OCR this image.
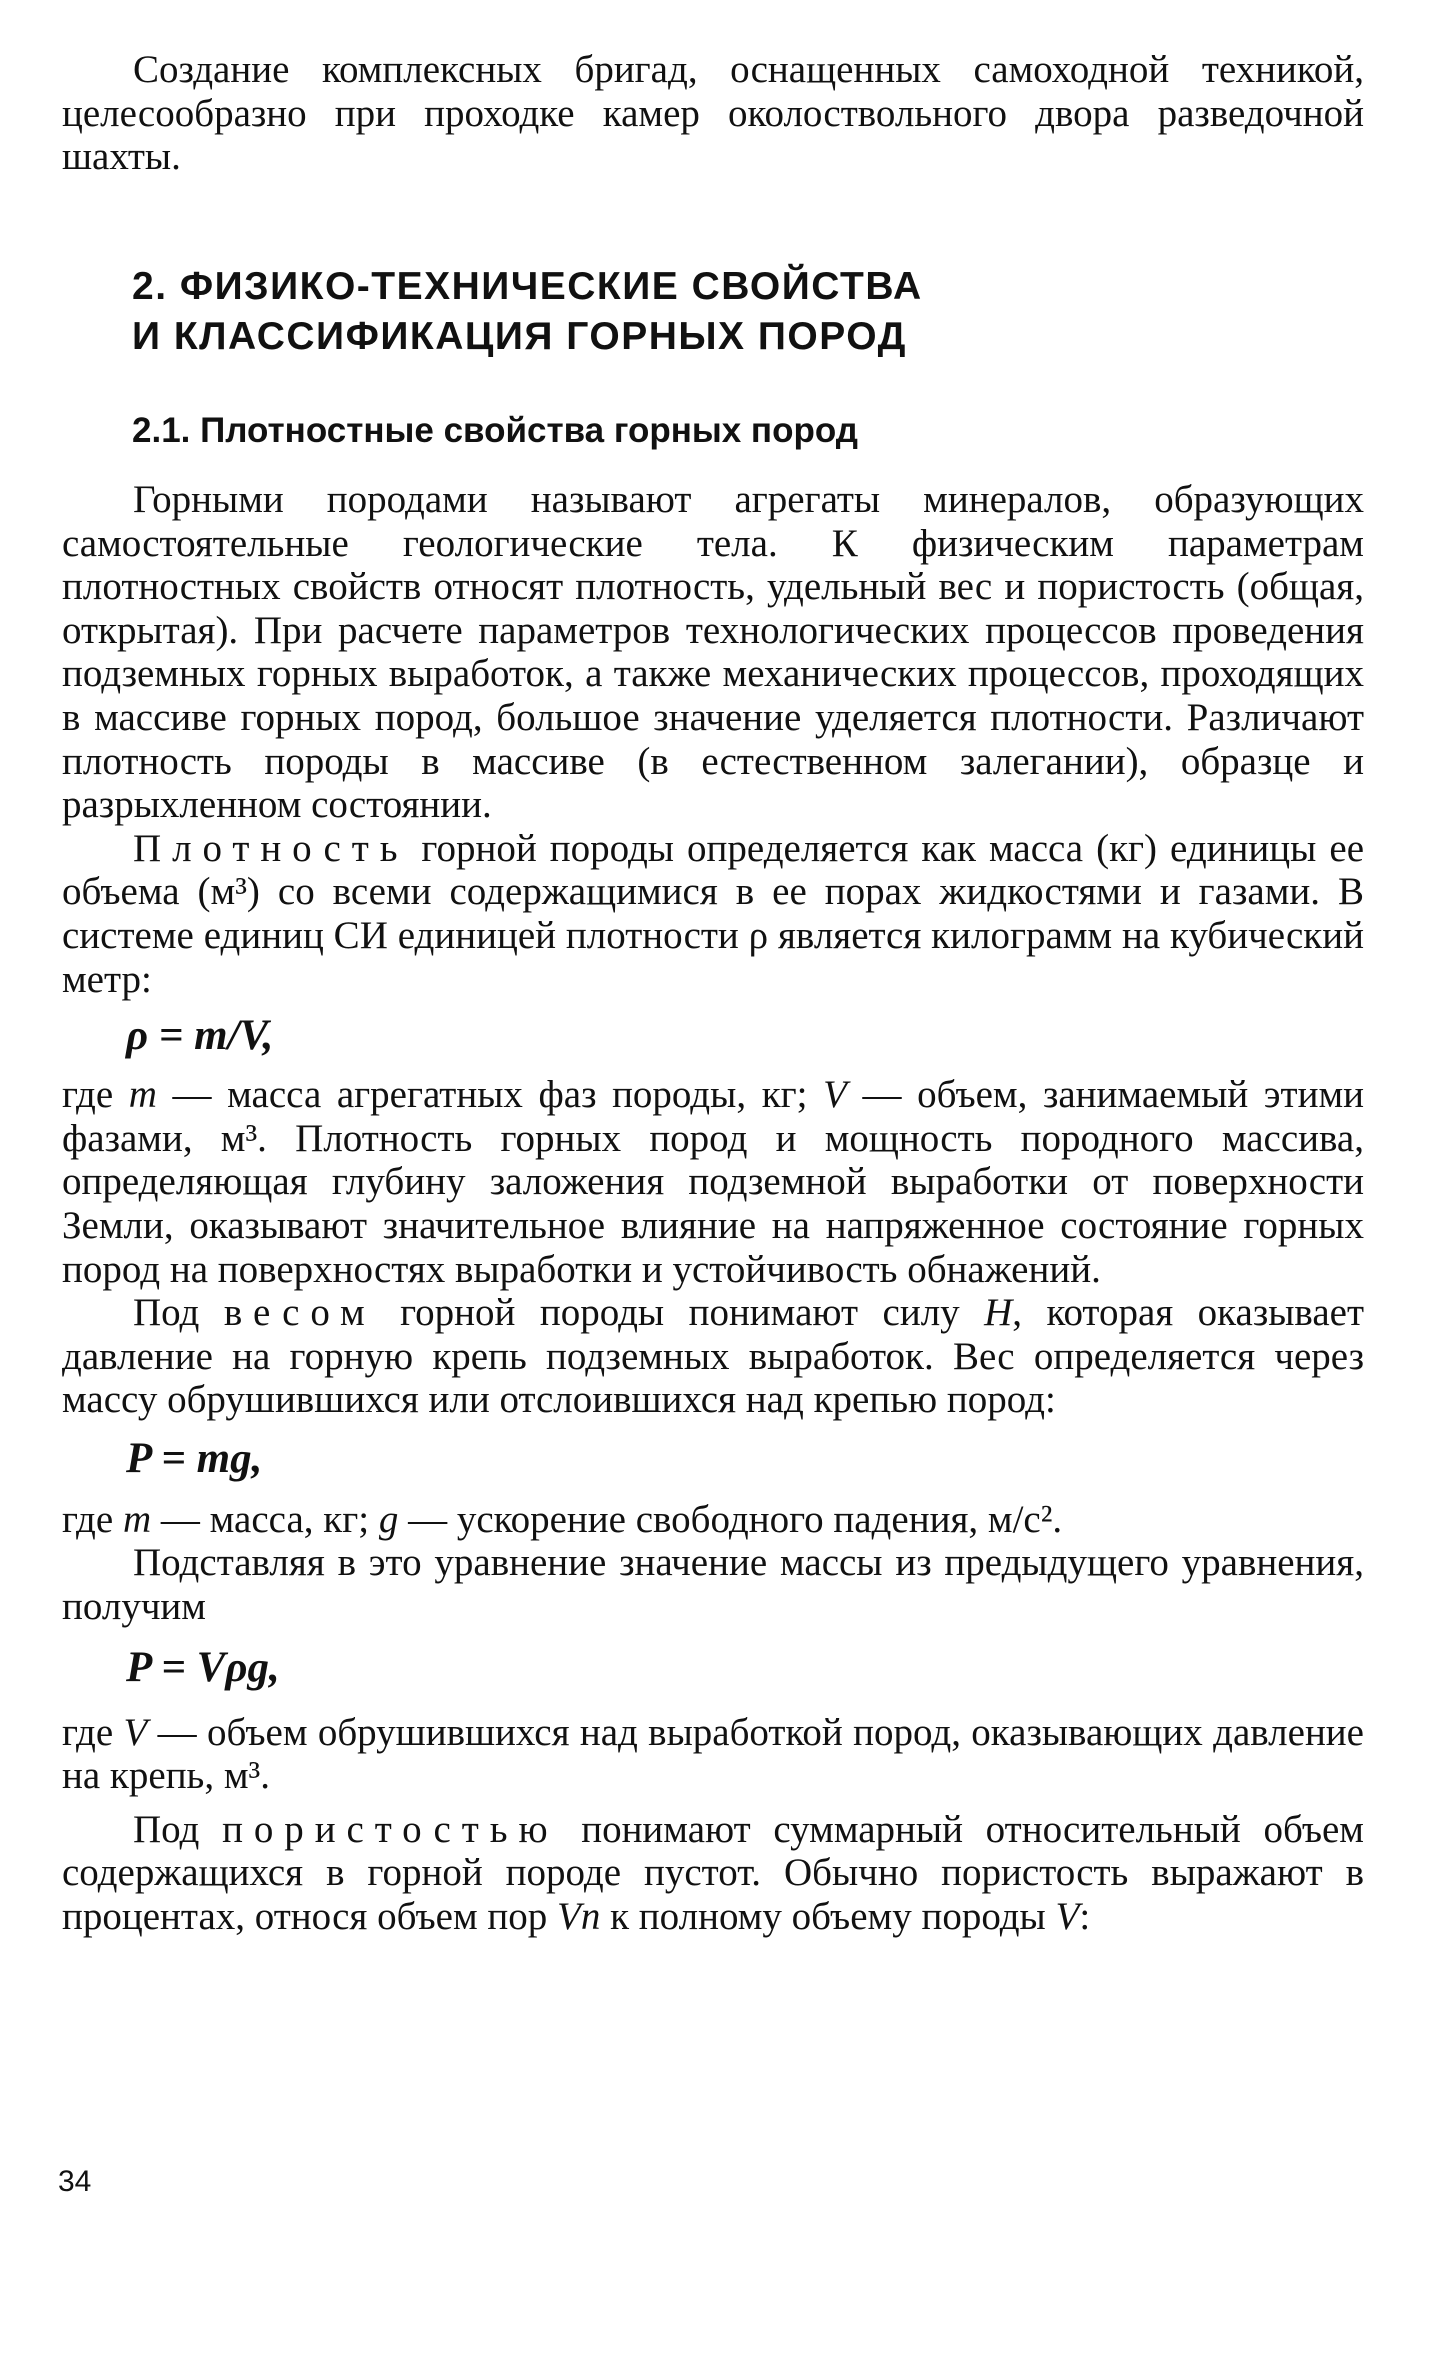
Создание комплексных бригад, оснащенных самоходной техникой, целесообразно при проходке камер околоствольного двора разведочной шахты.

2. ФИЗИКО-ТЕХНИЧЕСКИЕ СВОЙСТВА
И КЛАССИФИКАЦИЯ ГОРНЫХ ПОРОД
2.1. Плотностные свойства горных пород

Горными породами называют агрегаты минералов, образующих самостоятельные геологические тела. К физическим параметрам плотностных свойств относят плотность, удельный вес и пористость (общая, открытая). При расчете параметров технологических процессов проведения подземных горных выработок, а также механических процессов, проходящих в массиве горных пород, большое значение уделяется плотности. Различают плотность породы в массиве (в естественном залегании), образце и разрыхленном состоянии.

Плотность горной породы определяется как масса (кг) единицы ее объема (м³) со всеми содержащимися в ее порах жидкостями и газами. В системе единиц СИ единицей плотности ρ является килограмм на кубический метр:

ρ = m/V,

где m — масса агрегатных фаз породы, кг; V — объем, занимаемый этими фазами, м³. Плотность горных пород и мощность породного массива, определяющая глубину заложения подземной выработки от поверхности Земли, оказывают значительное влияние на напряженное состояние горных пород на поверхностях выработки и устойчивость обнажений.

Под весом горной породы понимают силу H, которая оказывает давление на горную крепь подземных выработок. Вес определяется через массу обрушившихся или отслоившихся над крепью пород:

P = mg,

где m — масса, кг; g — ускорение свободного падения, м/с².

Подставляя в это уравнение значение массы из предыдущего уравнения, получим

P = Vρg,

где V — объем обрушившихся над выработкой пород, оказывающих давление на крепь, м³.

Под пористостью понимают суммарный относительный объем содержащихся в горной породе пустот. Обычно пористость выражают в процентах, относя объем пор Vп к полному объему породы V:

34
